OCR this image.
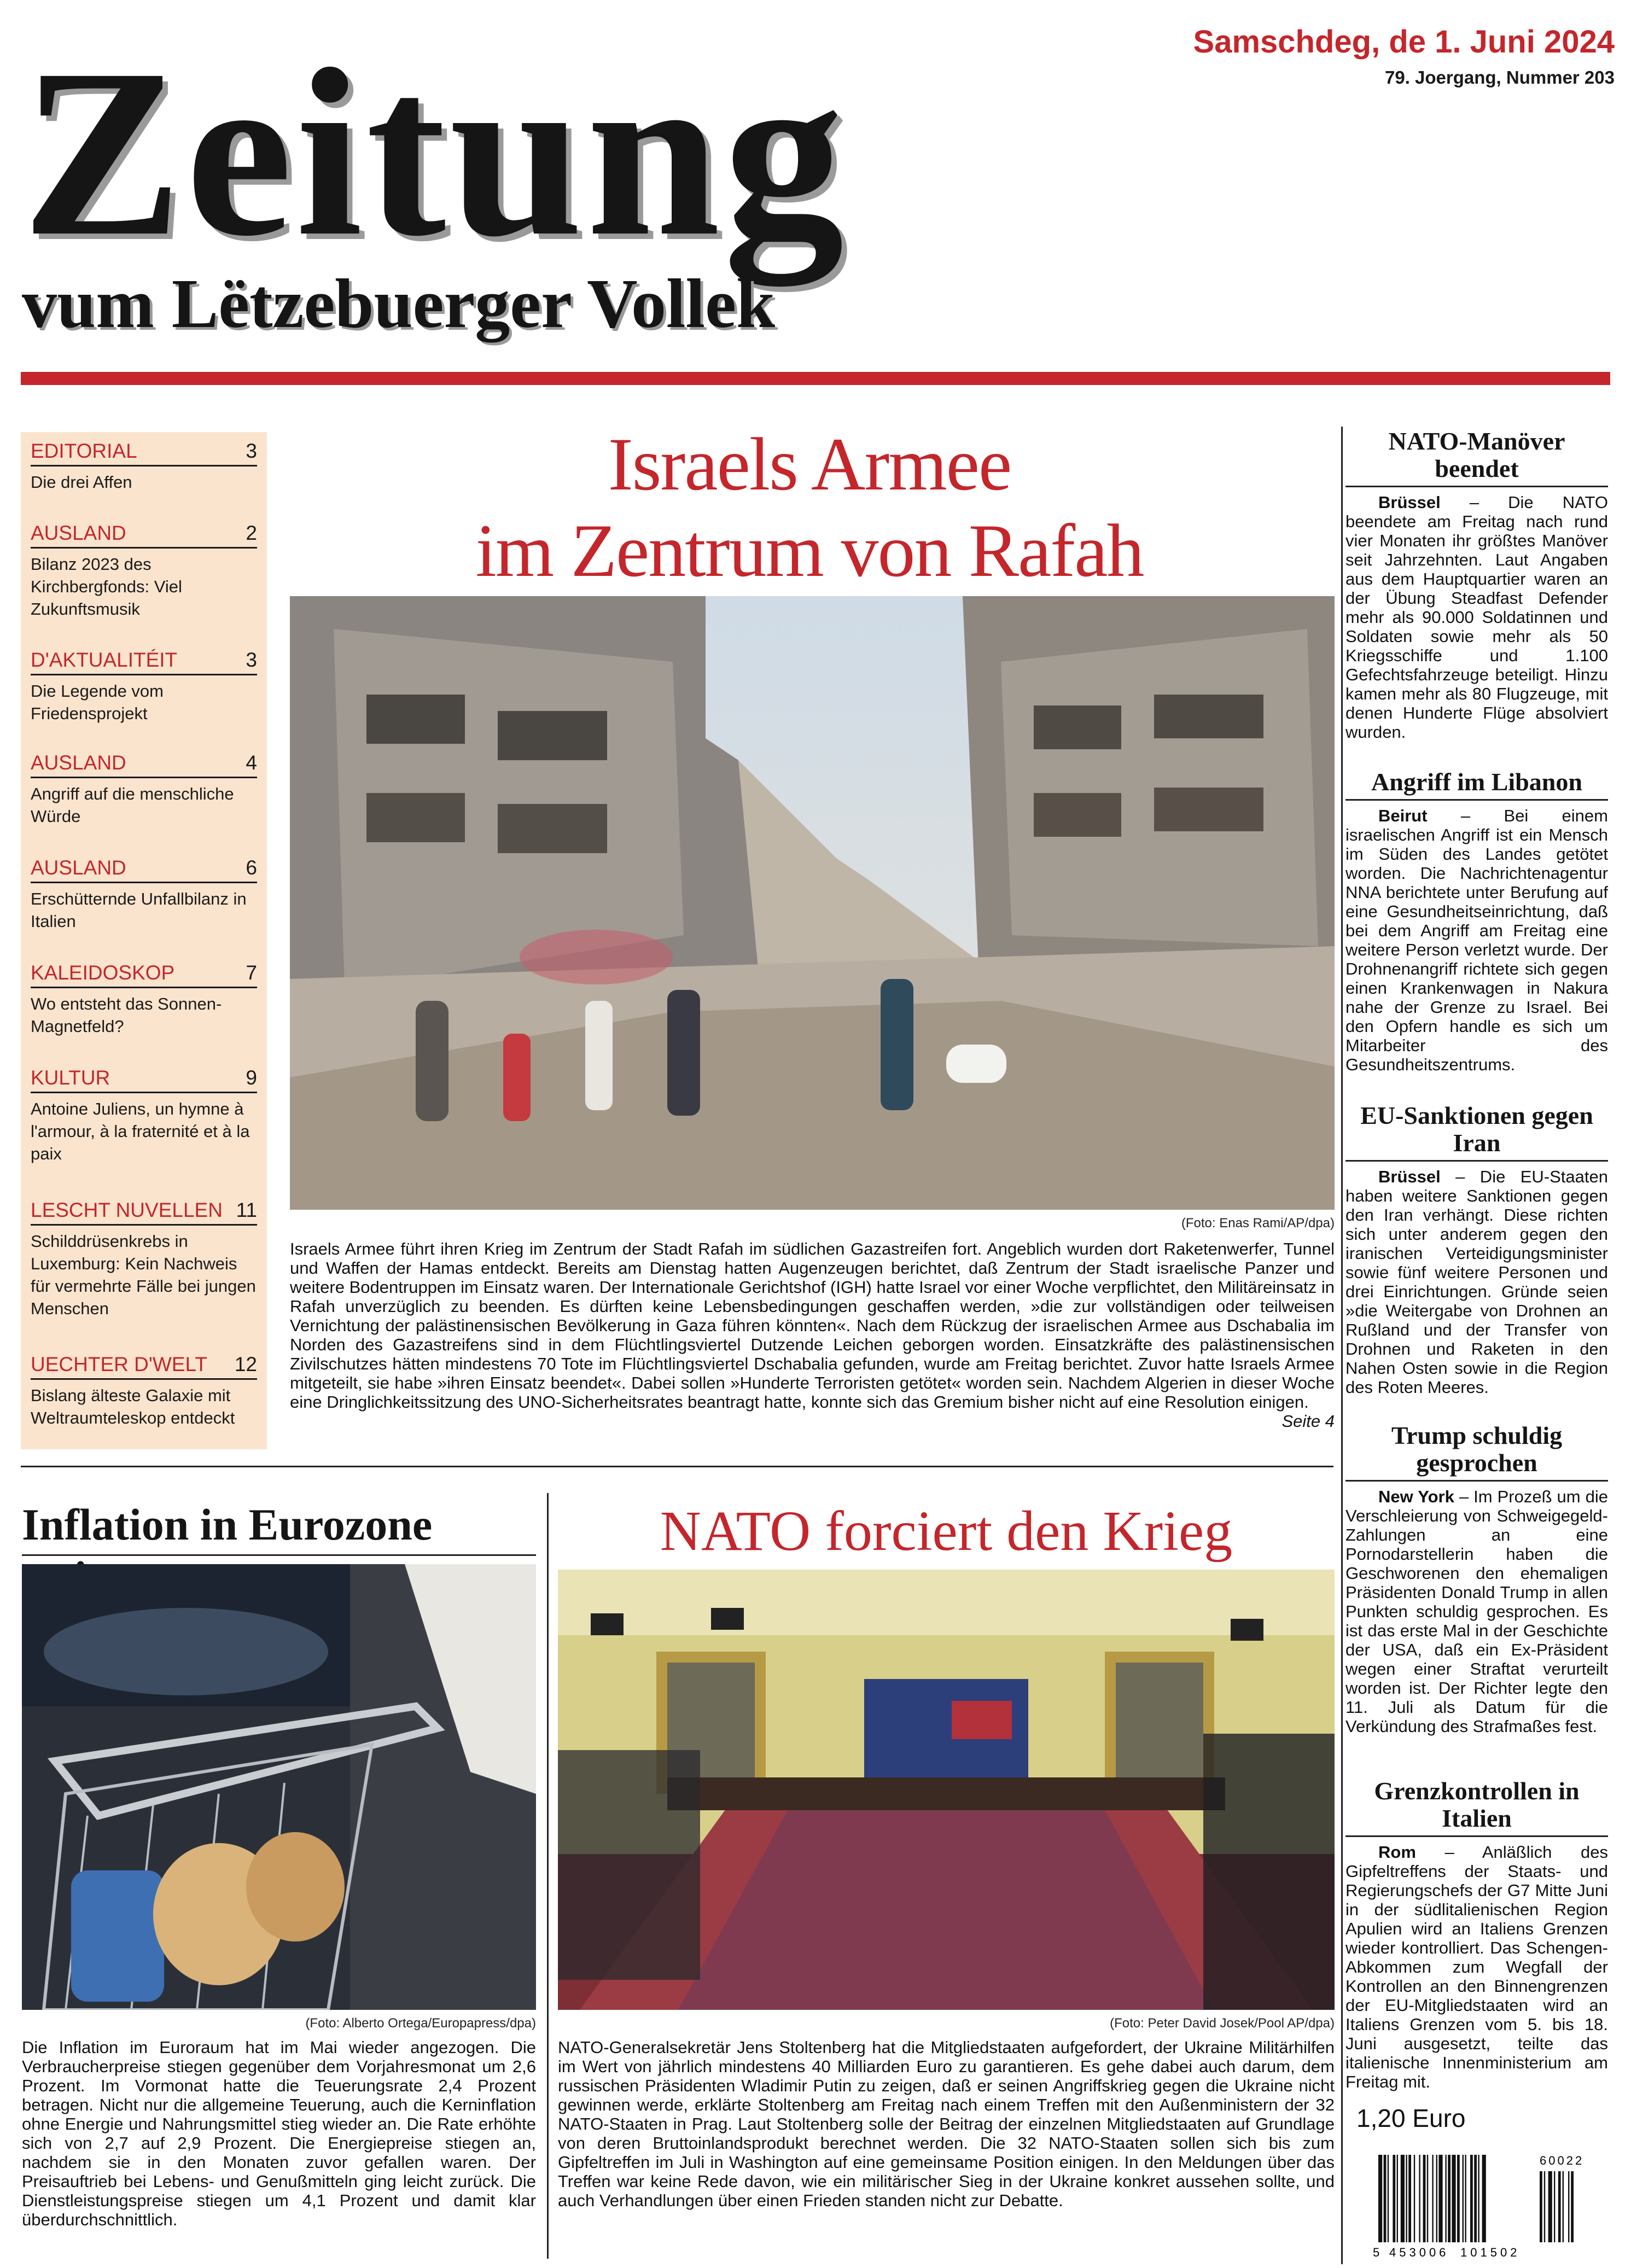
Zeitung
vum Lëtzebuerger Vollek
Samschdeg, de 1. Juni 2024
79. Joergang, Nummer 203
EDITORIAL	3
Die drei Affen
AUSLAND	2
Bilanz 2023 des Kirchbergfonds: Viel Zukunftsmusik
D'AKTUALITÉIT	3
Die Legende vom Friedensprojekt
AUSLAND	4
Angriff auf die menschliche Würde
AUSLAND	6
Erschütternde Unfallbilanz in Italien
KALEIDOSKOP	7
Wo entsteht das Sonnen-Magnetfeld?
KULTUR	9
Antoine Juliens, un hymne à l'armour, à la fraternité et à la paix
LESCHT NUVELLEN 11
Schilddrüsenkrebs in Luxemburg: Kein Nachweis für vermehrte Fälle bei jungen Menschen
UECHTER D'WELT 12
Bislang älteste Galaxie mit Weltraumteleskop entdeckt
Israels Armee
im Zentrum von Rafah
(Foto: Enas Rami/AP/dpa)
Israels Armee führt ihren Krieg im Zentrum der Stadt Rafah im südlichen Gazastreifen fort. Angeblich wurden dort Raketenwerfer, Tunnel und Waffen der Hamas entdeckt. Bereits am Dienstag hatten Augenzeugen berichtet, daß Zentrum der Stadt israelische Panzer und weitere Bodentruppen im Einsatz waren. Der Internationale Gerichtshof (IGH) hatte Israel vor einer Woche verpflichtet, den Militäreinsatz in Rafah unverzüglich zu beenden. Es dürften keine Lebensbedingungen geschaffen werden, »die zur vollständigen oder teilweisen Vernichtung der palästinensischen Bevölkerung in Gaza führen könnten«. Nach dem Rückzug der israelischen Armee aus Dschabalia im Norden des Gazastreifens sind in dem Flüchtlingsviertel Dutzende Leichen geborgen worden. Einsatzkräfte des palästinensischen Zivilschutzes hätten mindestens 70 Tote im Flüchtlingsviertel Dschabalia gefunden, wurde am Freitag berichtet. Zuvor hatte Israels Armee mitgeteilt, sie habe »ihren Einsatz beendet«. Dabei sollen »Hunderte Terroristen getötet« worden sein. Nachdem Algerien in dieser Woche eine Dringlichkeitssitzung des UNO-Sicherheitsrates beantragt hatte, konnte sich das Gremium bisher nicht auf eine Resolution einigen.
Seite 4
Inflation in Eurozone
(Foto: Alberto Ortega/Europapress/dpa)
Die Inflation im Euroraum hat im Mai wieder angezogen. Die Verbraucherpreise stiegen gegenüber dem Vorjahresmonat um 2,6 Prozent. Im Vormonat hatte die Teuerungsrate 2,4 Prozent betragen. Nicht nur die allgemeine Teuerung, auch die Kerninflation ohne Energie und Nahrungsmittel stieg wieder an. Die Rate erhöhte sich von 2,7 auf 2,9 Prozent. Die Energiepreise stiegen an, nachdem sie in den Monaten zuvor gefallen waren. Der Preisauftrieb bei Lebens- und Genußmitteln ging leicht zurück. Die Dienstleistungspreise stiegen um 4,1 Prozent und damit klar überdurchschnittlich.
NATO forciert den Krieg
(Foto: Peter David Josek/Pool AP/dpa)
NATO-Generalsekretär Jens Stoltenberg hat die Mitgliedstaaten aufgefordert, der Ukraine Militärhilfen im Wert von jährlich mindestens 40 Milliarden Euro zu garantieren. Es gehe dabei auch darum, dem russischen Präsidenten Wladimir Putin zu zeigen, daß er seinen Angriffskrieg gegen die Ukraine nicht gewinnen werde, erklärte Stoltenberg am Freitag nach einem Treffen mit den Außenministern der 32 NATO-Staaten in Prag. Laut Stoltenberg solle der Beitrag der einzelnen Mitgliedstaaten auf Grundlage von deren Bruttoinlandsprodukt berechnet werden. Die 32 NATO-Staaten sollen sich bis zum Gipfeltreffen im Juli in Washington auf eine gemeinsame Position einigen. In den Meldungen über das Treffen war keine Rede davon, wie ein militärischer Sieg in der Ukraine konkret aussehen sollte, und auch Verhandlungen über einen Frieden standen nicht zur Debatte.
NATO-Manöver beendet
Brüssel – Die NATO beendete am Freitag nach rund vier Monaten ihr größtes Manöver seit Jahrzehnten. Laut Angaben aus dem Hauptquartier waren an der Übung Steadfast Defender mehr als 90.000 Soldatinnen und Soldaten sowie mehr als 50 Kriegsschiffe und 1.100 Gefechtsfahrzeuge beteiligt. Hinzu kamen mehr als 80 Flugzeuge, mit denen Hunderte Flüge absolviert wurden.
Angriff im Libanon
Beirut – Bei einem israelischen Angriff ist ein Mensch im Süden des Landes getötet worden. Die Nachrichtenagentur NNA berichtete unter Berufung auf eine Gesundheitseinrichtung, daß bei dem Angriff am Freitag eine weitere Person verletzt wurde. Der Drohnenangriff richtete sich gegen einen Krankenwagen in Nakura nahe der Grenze zu Israel. Bei den Opfern handle es sich um Mitarbeiter des Gesundheitszentrums.
EU-Sanktionen gegen Iran
Brüssel – Die EU-Staaten haben weitere Sanktionen gegen den Iran verhängt. Diese richten sich unter anderem gegen den iranischen Verteidigungsminister sowie fünf weitere Personen und drei Einrichtungen. Gründe seien »die Weitergabe von Drohnen an Rußland und der Transfer von Drohnen und Raketen in den Nahen Osten sowie in die Region des Roten Meeres.
Trump schuldig gesprochen
New York – Im Prozeß um die Verschleierung von Schweigegeld-Zahlungen an eine Pornodarstellerin haben die Geschworenen den ehemaligen Präsidenten Donald Trump in allen Punkten schuldig gesprochen. Es ist das erste Mal in der Geschichte der USA, daß ein Ex-Präsident wegen einer Straftat verurteilt worden ist. Der Richter legte den 11. Juli als Datum für die Verkündung des Strafmaßes fest.
Grenzkontrollen in Italien
Rom – Anläßlich des Gipfeltreffens der Staats- und Regierungschefs der G7 Mitte Juni in der südlitalienischen Region Apulien wird an Italiens Grenzen wieder kontrolliert. Das Schengen-Abkommen zum Wegfall der Kontrollen an den Binnengrenzen der EU-Mitgliedstaaten wird an Italiens Grenzen vom 5. bis 18. Juni ausgesetzt, teilte das italienische Innenministerium am Freitag mit.
1,20 Euro
5 453006 101502
60022
